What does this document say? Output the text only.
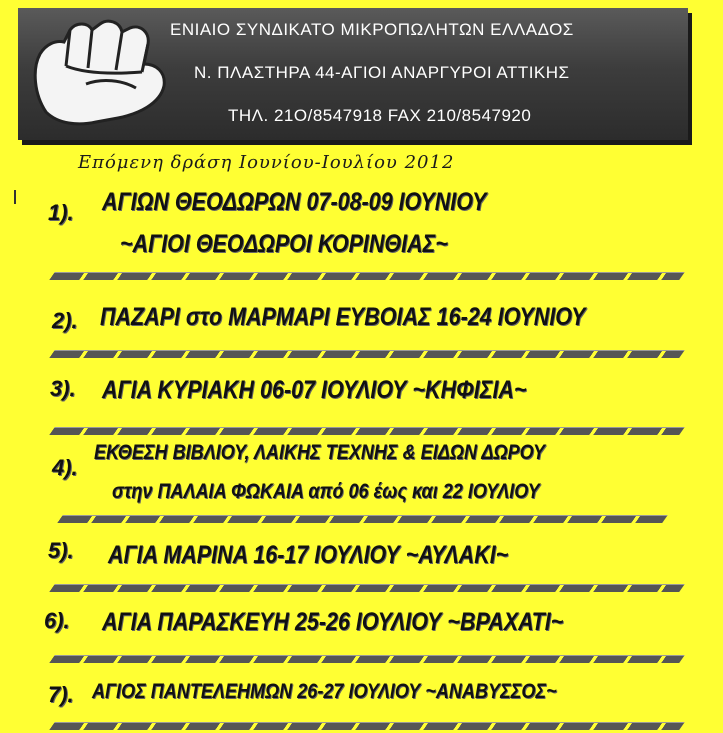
ΕΝΙΑΙΟ ΣΥΝΔΙΚΑΤΟ ΜΙΚΡΟΠΩΛΗΤΩΝ ΕΛΛΑΔΟΣ
Ν. ΠΛΑΣΤΗΡΑ 44-ΑΓΙΟΙ ΑΝΑΡΓΥΡΟΙ ΑΤΤΙΚΗΣ
ΤΗΛ. 21Ο/8547918 FAX 210/8547920
Επόμενη δράση Ιουνίου-Ιουλίου 2012
1). ΑΓΙΩΝ ΘΕΟΔΩΡΩΝ 07-08-09 ΙΟΥΝΙΟΥ
~ΑΓΙΟΙ ΘΕΟΔΩΡΟΙ ΚΟΡΙΝΘΙΑΣ~
2). ΠΑΖΑΡΙ στο ΜΑΡΜΑΡΙ ΕΥΒΟΙΑΣ 16-24 ΙΟΥΝΙΟΥ
3). ΑΓΙΑ ΚΥΡΙΑΚΗ 06-07 ΙΟΥΛΙΟΥ ~ΚΗΦΙΣΙΑ~
4).
ΕΚΘΕΣΗ ΒΙΒΛΙΟΥ, ΛΑΙΚΗΣ ΤΕΧΝΗΣ & ΕΙΔΩΝ ΔΩΡΟΥ
στην ΠΑΛΑΙΑ ΦΩΚΑΙΑ από 06 έως και 22 ΙΟΥΛΙΟΥ
5). ΑΓΙΑ ΜΑΡΙΝΑ 16-17 ΙΟΥΛΙΟΥ ~ΑΥΛΑΚΙ~
6). ΑΓΙΑ ΠΑΡΑΣΚΕΥΗ 25-26 ΙΟΥΛΙΟΥ ~ΒΡΑΧΑΤΙ~
7). ΑΓΙΟΣ ΠΑΝΤΕΛΕΗΜΩΝ 26-27 ΙΟΥΛΙΟΥ ~ΑΝΑΒΥΣΣΟΣ~
